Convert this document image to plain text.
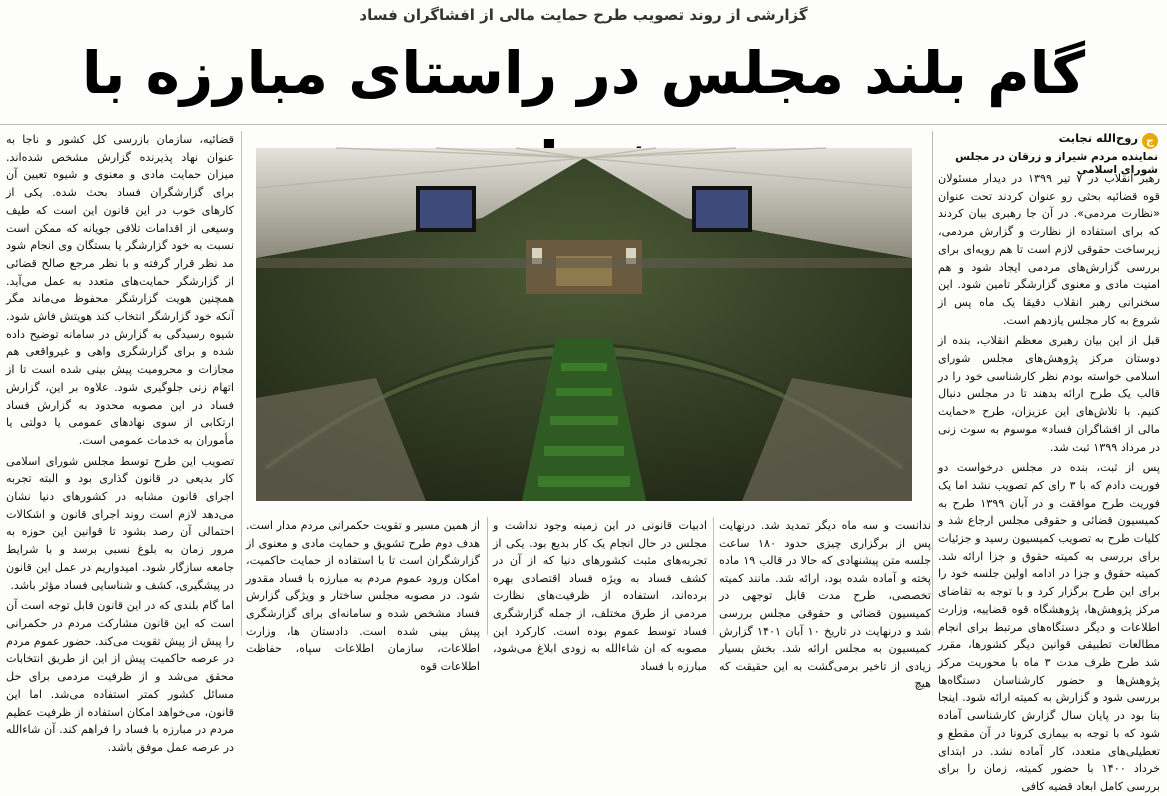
گزارشی از روند تصویب طرح حمایت مالی از افشاگران فساد
گام بلند مجلس در راستای مبارزه با
ج
روح‌الله نجابت
نماینده مردم شیراز و زرقان در مجلس شورای اسلامی

رهبر انقلاب در ۷ تیر ۱۳۹۹ در دیدار مسئولان قوه قضائیه بحثی رو عنوان کردند تحت عنوان «نظارت مردمی». در آن جا رهبری بیان کردند که برای استفاده از نظارت و گزارش مردمی، زیرساخت حقوقی لازم است تا هم رویه‌ای برای بررسی گزارش‌های مردمی ایجاد شود و هم امنیت مادی و معنوی گزارشگر تامین شود. این سخنرانی رهبر انقلاب دقیقا یک ماه پس از شروع به کار مجلس یازدهم است.

قبل از این بیان رهبری معظم انقلاب، بنده از دوستان مرکز پژوهش‌های مجلس شورای اسلامی خواسته بودم نظر کارشناسی خود را در قالب یک طرح ارائه بدهند تا در مجلس دنبال کنیم. با تلاش‌های این عزیزان، طرح «حمایت مالی از افشاگران فساد» موسوم به سوت زنی در مرداد ۱۳۹۹ ثبت شد.

پس از ثبت، بنده در مجلس درخواست دو فوریت دادم که با ۳ رای کم تصویب نشد اما یک فوریت طرح موافقت و در آبان ۱۳۹۹ طرح به کمیسیون قضائی و حقوقی مجلس ارجاع شد و کلیات طرح به تصویب کمیسیون رسید و جزئیات برای بررسی به کمیته حقوق و جزا ارائه شد. کمیته حقوق و جزا در ادامه اولین جلسه خود را برای این طرح برگزار کرد و با توجه به تقاضای مرکز پژوهش‌ها، پژوهشگاه قوه قضاییه، وزارت اطلاعات و دیگر دستگاه‌های مرتبط برای انجام مطالعات تطبیقی قوانین دیگر کشورها، مقرر شد طرح ظرف مدت ۳ ماه با محوریت مرکز پژوهش‌ها و حضور کارشناسان دستگاه‌ها بررسی شود و گزارش به کمیته ارائه شود. اینجا بنا بود در پایان سال گزارش کارشناسی آماده شود که با توجه به بیماری کرونا در آن مقطع و تعطیلی‌های متعدد، کار آماده نشد. در ابتدای خرداد ۱۴۰۰ با حضور کمیته، زمان را برای بررسی کامل ابعاد قضیه کافی

قضائیه، سازمان بازرسی کل کشور و ناجا به عنوان نهاد پذیرنده گزارش مشخص شده‌اند. میزان حمایت مادی و معنوی و شیوه تعیین آن برای گزارشگران فساد بحث شده. یکی از کارهای خوب در این قانون این است که طیف وسیعی از اقدامات تلافی جویانه که ممکن است نسبت به خود گزارشگر یا بستگان وی انجام شود مد نظر قرار گرفته و با نظر مرجع صالح قضائی از گزارشگر حمایت‌های متعدد به عمل می‌آید. همچنین هویت گزارشگر محفوظ می‌ماند مگر آنکه خود گزارشگر انتخاب کند هویتش فاش شود. شیوه رسیدگی به گزارش در سامانه توضیح داده شده و برای گزارشگری واهی و غیرواقعی هم مجازات و محرومیت پیش بینی شده است تا از اتهام زنی جلوگیری شود. علاوه بر این، گزارش فساد در این مصوبه محدود به گزارش فساد ارتکابی از سوی نهادهای عمومی یا دولتی یا مأموران به خدمات عمومی است.

تصویب این طرح توسط مجلس شورای اسلامی کار بدیعی در قانون گذاری بود و البته تجربه اجرای قانون مشابه در کشورهای دنیا نشان می‌دهد لازم است روند اجرای قانون و اشکالات احتمالی آن رصد بشود تا قوانین این حوزه به مرور زمان به بلوغ نسبی برسد و با شرایط جامعه سازگار شود. امیدواریم در عمل این قانون در پیشگیری، کشف و شناسایی فساد مؤثر باشد.

اما گام بلندی که در این قانون قابل توجه است آن است که این قانون مشارکت مردم در حکمرانی را پیش از پیش تقویت می‌کند. حضور عموم مردم در عرصه حاکمیت پیش از این از طریق انتخابات محقق می‌شد و از ظرفیت مردمی برای حل مسائل کشور کمتر استفاده می‌شد. اما این قانون، می‌خواهد امکان استفاده از ظرفیت عظیم مردم در مبارزه با فساد را فراهم کند. آن شاءالله در عرصه عمل موفق باشد.

ندانست و سه ماه دیگر تمدید شد. درنهایت پس از برگزاری چیزی حدود ۱۸۰ ساعت جلسه متن پیشنهادی که حالا در قالب ۱۹ ماده پخته و آماده شده بود، ارائه شد. مانند کمیته تخصصی، طرح مدت قابل توجهی در کمیسیون قضائی و حقوقی مجلس بررسی شد و درنهایت در تاریخ ۱۰ آبان ۱۴۰۱ گزارش کمیسیون به مجلس ارائه شد. بخش بسیار زیادی از تاخیر برمی‌گشت به این حقیقت که هیچ
ادبیات قانونی در این زمینه وجود نداشت و مجلس در حال انجام یک کار بدیع بود. یکی از تجربه‌های مثبت کشورهای دنیا که از آن در کشف فساد به ویژه فساد اقتصادی بهره برده‌اند، استفاده از ظرفیت‌های نظارت مردمی از طرق مختلف، از جمله گزارشگری فساد توسط عموم بوده است. کارکرد این مصوبه که ان شاءالله به زودی ابلاغ می‌شود، مبارزه با فساد
از همین مسیر و تقویت حکمرانی مردم مدار است. هدف دوم طرح تشویق و حمایت مادی و معنوی از گزارشگران است تا با استفاده از حمایت حاکمیت، امکان ورود عموم مردم به مبارزه با فساد مقدور شود. در مصوبه مجلس ساختار و ویژگی گزارش فساد مشخص شده و سامانه‌ای برای گزارشگری پیش بینی شده است. دادستان ها، وزارت اطلاعات، سازمان اطلاعات سپاه، حفاظت اطلاعات قوه
